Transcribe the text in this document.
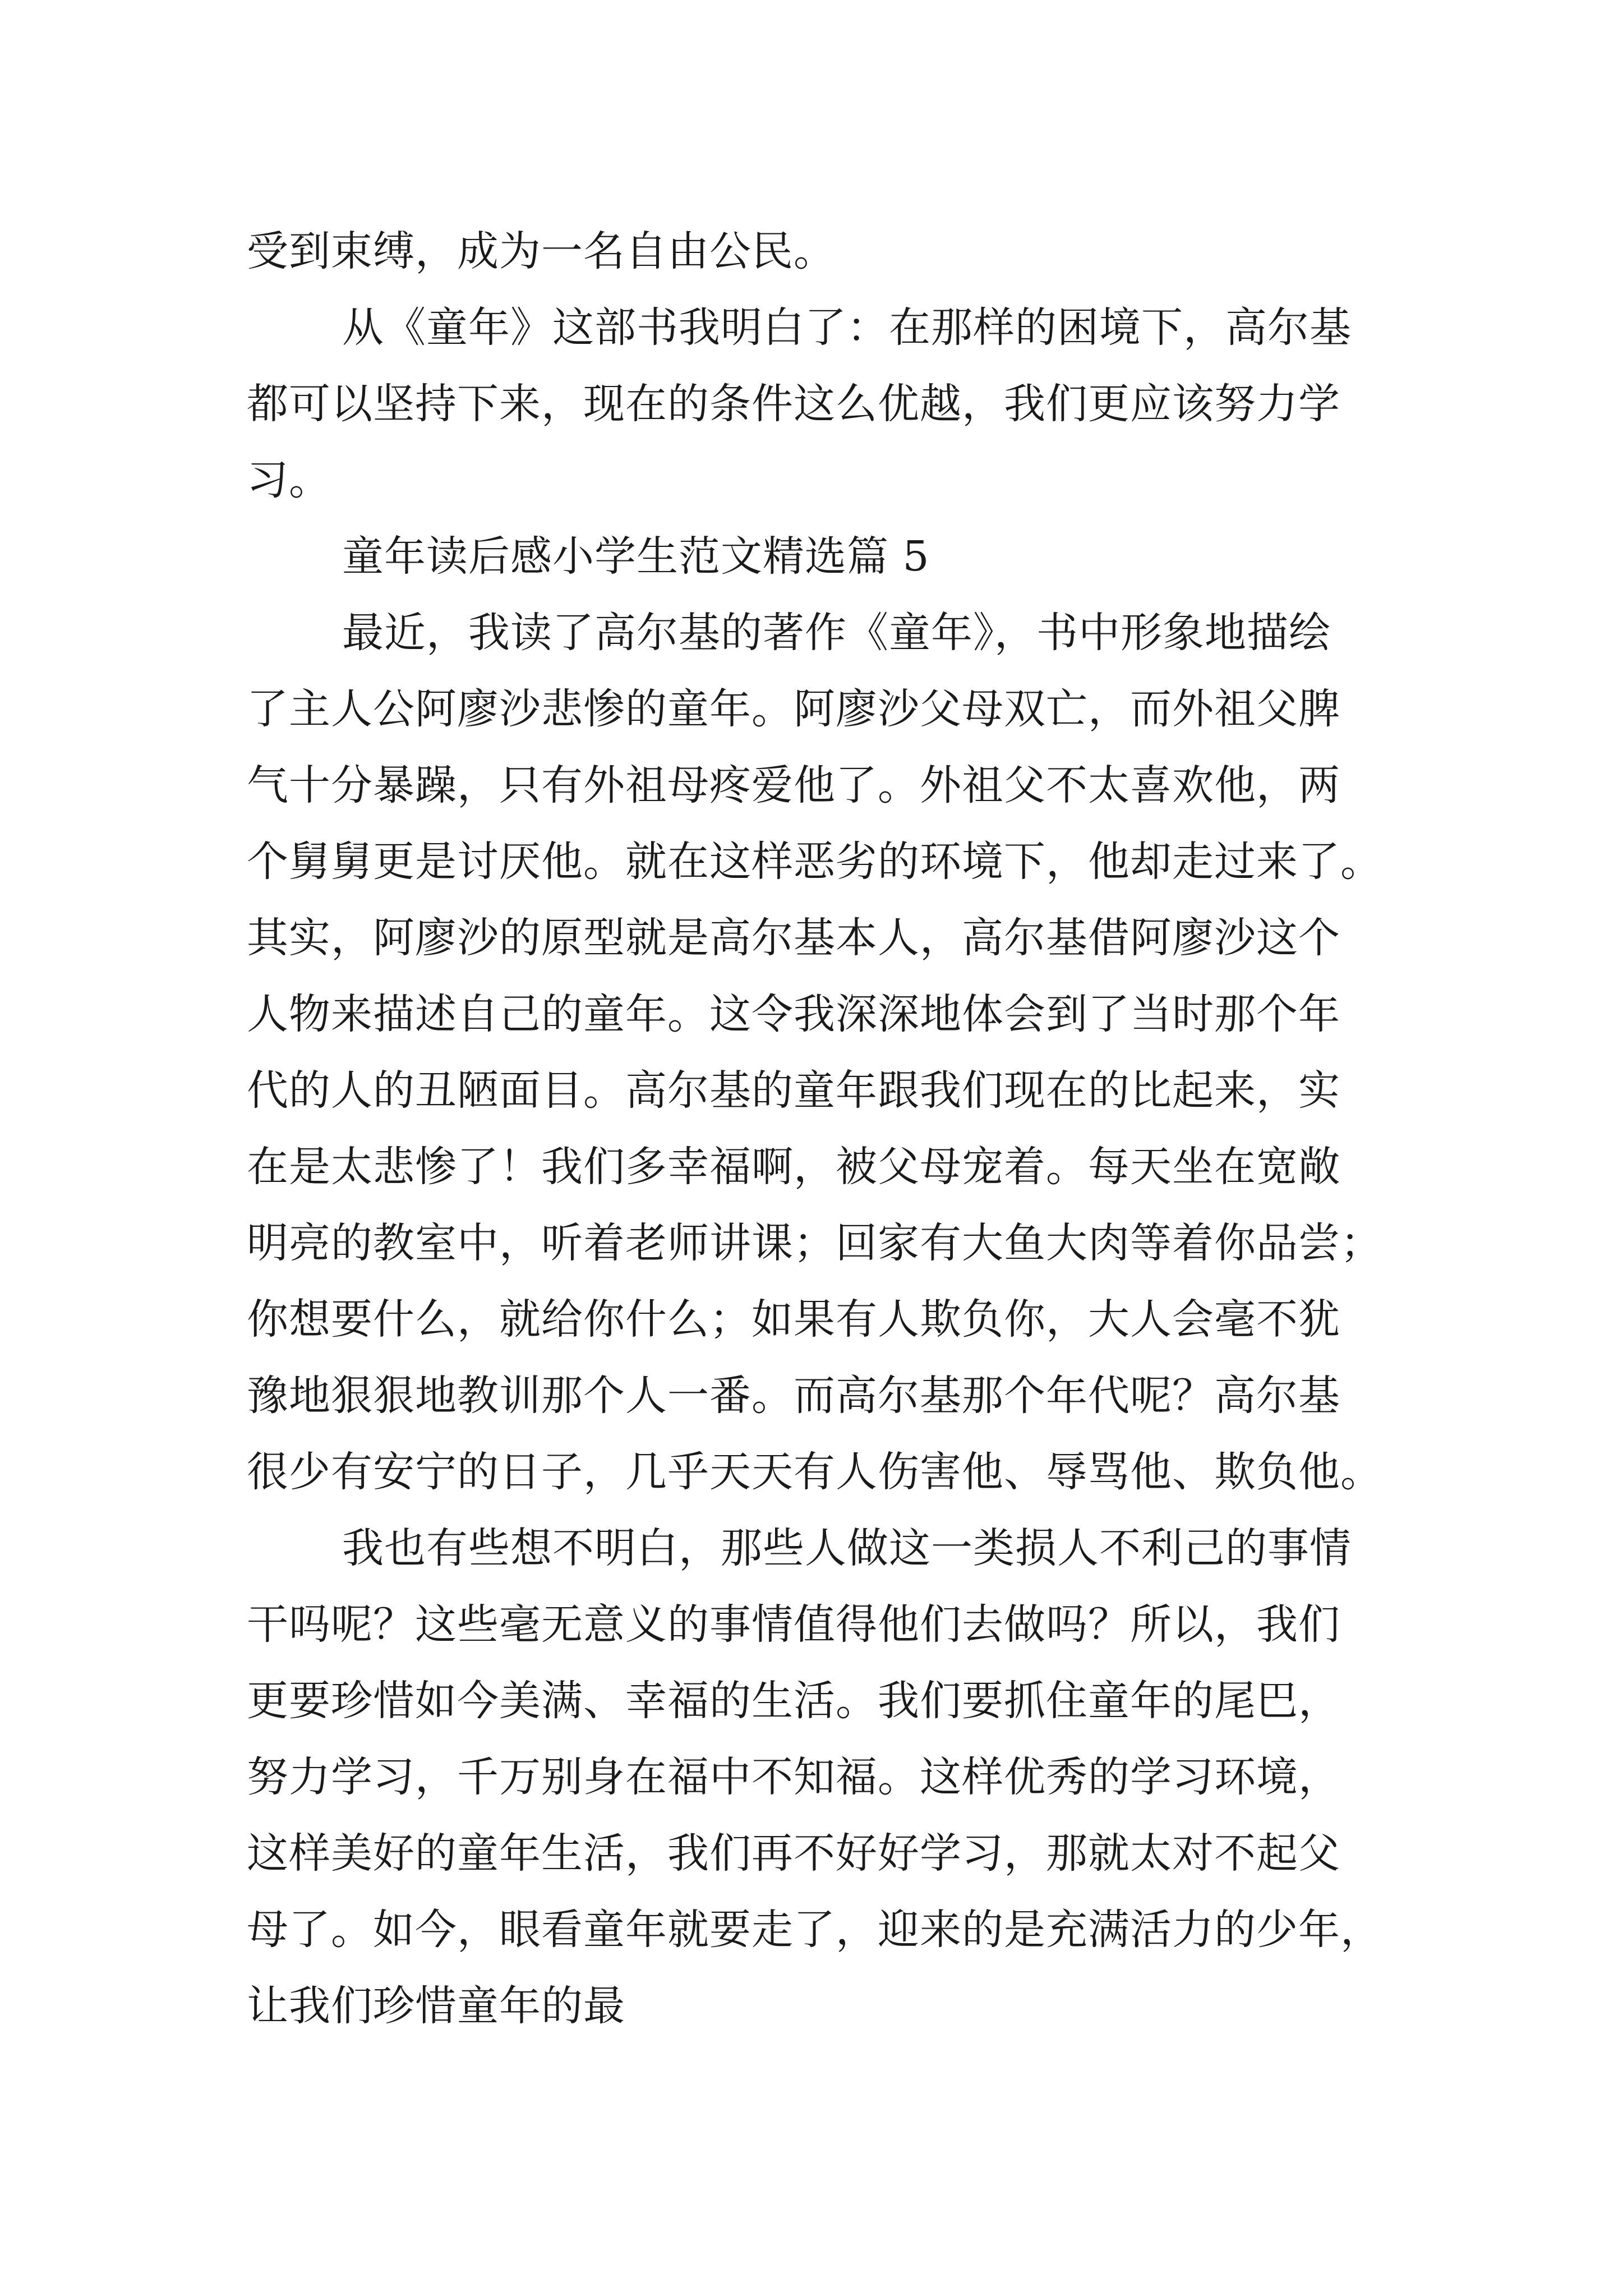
受到束缚，成为一名自由公民。
从《童年》这部书我明白了：在那样的困境下，高尔基
都可以坚持下来，现在的条件这么优越，我们更应该努力学
习。
童年读后感小学生范文精选篇 5
最近，我读了高尔基的著作《童年》，书中形象地描绘
了主人公阿廖沙悲惨的童年。阿廖沙父母双亡，而外祖父脾
气十分暴躁，只有外祖母疼爱他了。外祖父不太喜欢他，两
个舅舅更是讨厌他。就在这样恶劣的环境下，他却走过来了。
其实，阿廖沙的原型就是高尔基本人，高尔基借阿廖沙这个
人物来描述自己的童年。这令我深深地体会到了当时那个年
代的人的丑陋面目。高尔基的童年跟我们现在的比起来，实
在是太悲惨了！我们多幸福啊，被父母宠着。每天坐在宽敞
明亮的教室中，听着老师讲课；回家有大鱼大肉等着你品尝；
你想要什么，就给你什么；如果有人欺负你，大人会毫不犹
豫地狠狠地教训那个人一番。而高尔基那个年代呢？高尔基
很少有安宁的日子，几乎天天有人伤害他、辱骂他、欺负他。
我也有些想不明白，那些人做这一类损人不利己的事情
干吗呢？这些毫无意义的事情值得他们去做吗？所以，我们
更要珍惜如今美满、幸福的生活。我们要抓住童年的尾巴，
努力学习，千万别身在福中不知福。这样优秀的学习环境，
这样美好的童年生活，我们再不好好学习，那就太对不起父
母了。如今，眼看童年就要走了，迎来的是充满活力的少年，
让我们珍惜童年的最
